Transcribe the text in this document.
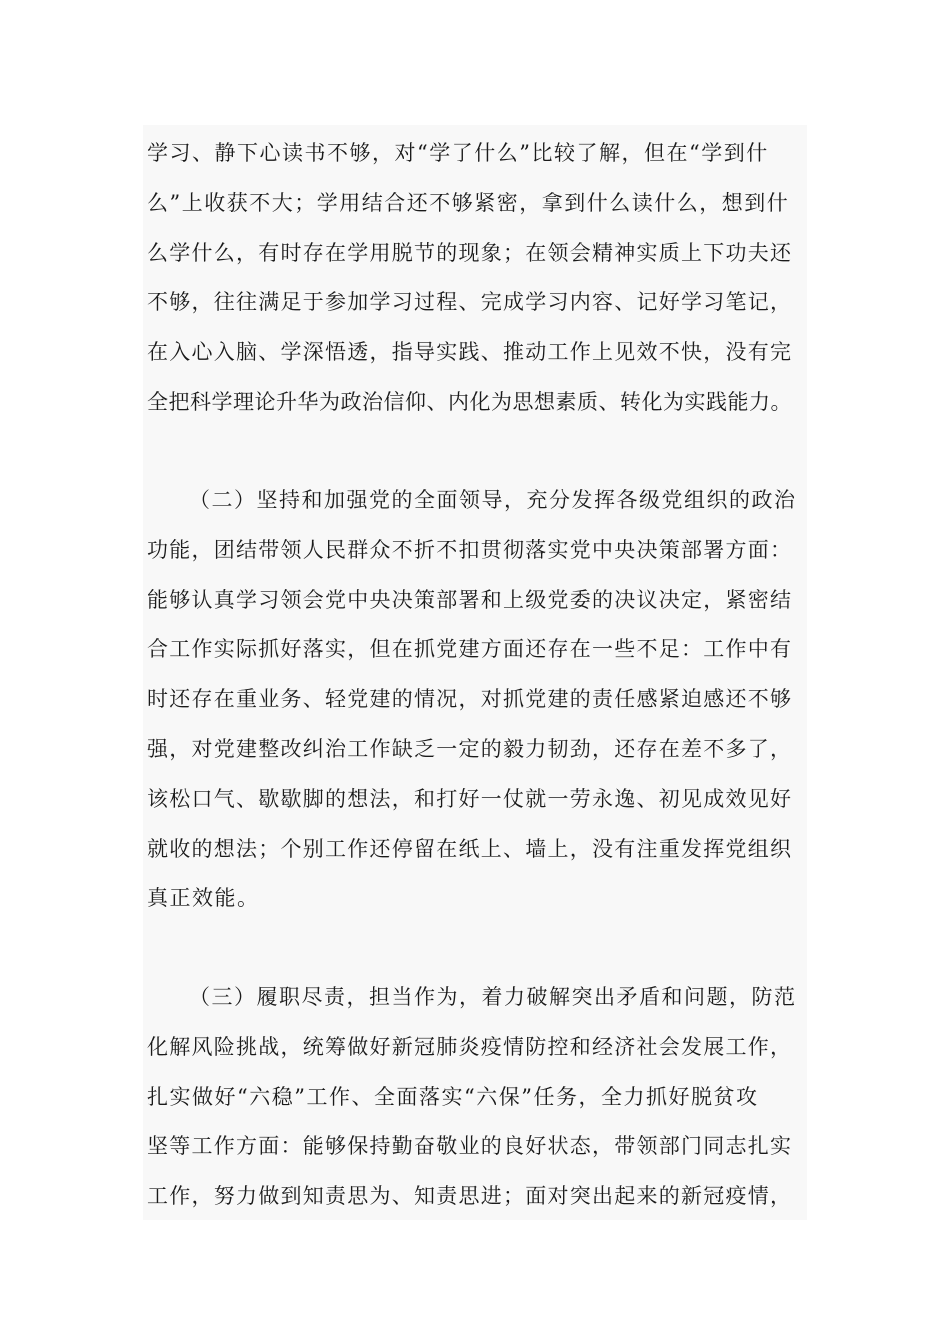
学习、静下心读书不够，对“学了什么”比较了解，但在“学到什
么”上收获不大；学用结合还不够紧密，拿到什么读什么，想到什
么学什么，有时存在学用脱节的现象；在领会精神实质上下功夫还
不够，往往满足于参加学习过程、完成学习内容、记好学习笔记，
在入心入脑、学深悟透，指导实践、推动工作上见效不快，没有完
全把科学理论升华为政治信仰、内化为思想素质、转化为实践能力。
（二）坚持和加强党的全面领导，充分发挥各级党组织的政治
功能，团结带领人民群众不折不扣贯彻落实党中央决策部署方面：
能够认真学习领会党中央决策部署和上级党委的决议决定，紧密结
合工作实际抓好落实，但在抓党建方面还存在一些不足：工作中有
时还存在重业务、轻党建的情况，对抓党建的责任感紧迫感还不够
强，对党建整改纠治工作缺乏一定的毅力韧劲，还存在差不多了，
该松口气、歇歇脚的想法，和打好一仗就一劳永逸、初见成效见好
就收的想法；个别工作还停留在纸上、墙上，没有注重发挥党组织
真正效能。
（三）履职尽责，担当作为，着力破解突出矛盾和问题，防范
化解风险挑战，统筹做好新冠肺炎疫情防控和经济社会发展工作，
扎实做好“六稳”工作、全面落实“六保”任务，全力抓好脱贫攻
坚等工作方面：能够保持勤奋敬业的良好状态，带领部门同志扎实
工作，努力做到知责思为、知责思进；面对突出起来的新冠疫情，
